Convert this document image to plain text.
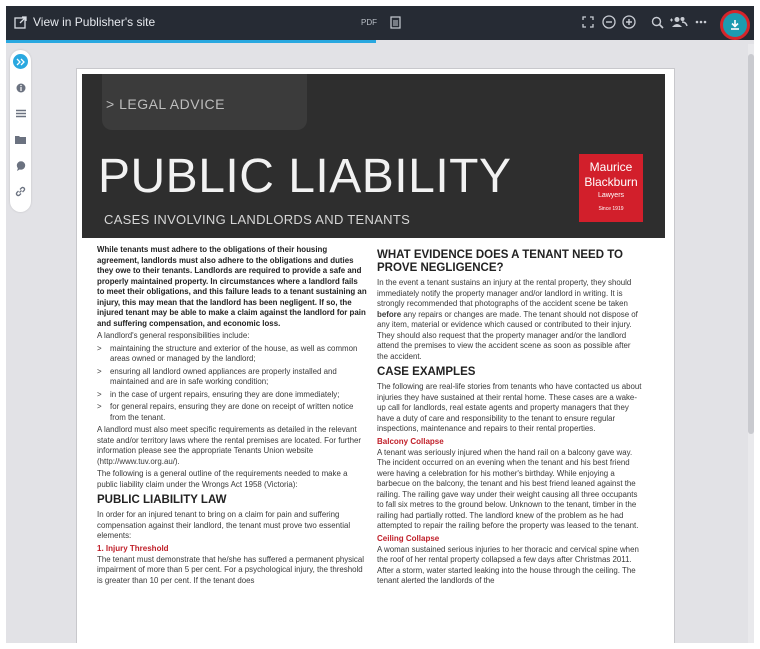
View in Publisher's site	PDF
> LEGAL ADVICE
PUBLIC LIABILITY
CASES INVOLVING LANDLORDS AND TENANTS
Maurice
Blackburn
Lawyers
Since 1919

While tenants must adhere to the obligations of their housing agreement, landlords must also adhere to the obligations and duties they owe to their tenants. Landlords are required to provide a safe and properly maintained property. In circumstances where a landlord fails to meet their obligations, and this failure leads to a tenant sustaining an injury, this may mean that the landlord has been negligent. If so, the injured tenant may be able to make a claim against the landlord for pain and suffering compensation, and economic loss.

A landlord's general responsibilities include:

> maintaining the structure and exterior of the house, as well as common areas owned or managed by the landlord;
> ensuring all landlord owned appliances are properly installed and maintained and are in safe working condition;
> in the case of urgent repairs, ensuring they are done immediately;
> for general repairs, ensuring they are done on receipt of written notice from the tenant.

A landlord must also meet specific requirements as detailed in the relevant state and/or territory laws where the rental premises are located. For further information please see the appropriate Tenants Union website (http://www.tuv.org.au/).

The following is a general outline of the requirements needed to make a public liability claim under the Wrongs Act 1958 (Victoria):

PUBLIC LIABILITY LAW

In order for an injured tenant to bring on a claim for pain and suffering compensation against their landlord, the tenant must prove two essential elements:

1. Injury Threshold

The tenant must demonstrate that he/she has suffered a permanent physical impairment of more than 5 per cent. For a psychological injury, the threshold is greater than 10 per cent. If the tenant does

WHAT EVIDENCE DOES A TENANT NEED TO PROVE NEGLIGENCE?

In the event a tenant sustains an injury at the rental property, they should immediately notify the property manager and/or landlord in writing. It is strongly recommended that photographs of the accident scene be taken before any repairs or changes are made. The tenant should not dispose of any item, material or evidence which caused or contributed to their injury. They should also request that the property manager and/or the landlord attend the premises to view the accident scene as soon as possible after the accident.

CASE EXAMPLES

The following are real-life stories from tenants who have contacted us about injuries they have sustained at their rental home. These cases are a wake-up call for landlords, real estate agents and property managers that they have a duty of care and responsibility to the tenant to ensure regular inspections, maintenance and repairs to their rental properties.

Balcony Collapse

A tenant was seriously injured when the hand rail on a balcony gave way. The incident occurred on an evening when the tenant and his best friend were having a celebration for his mother's birthday. While enjoying a barbecue on the balcony, the tenant and his best friend leaned against the railing. The railing gave way under their weight causing all three occupants to fall six metres to the ground below. Unknown to the tenant, timber in the railing had partially rotted. The landlord knew of the problem as he had attempted to repair the railing before the property was leased to the tenant.

Ceiling Collapse

A woman sustained serious injuries to her thoracic and cervical spine when the roof of her rental property collapsed a few days after Christmas 2011. After a storm, water started leaking into the house through the ceiling. The tenant alerted the landlords of the
